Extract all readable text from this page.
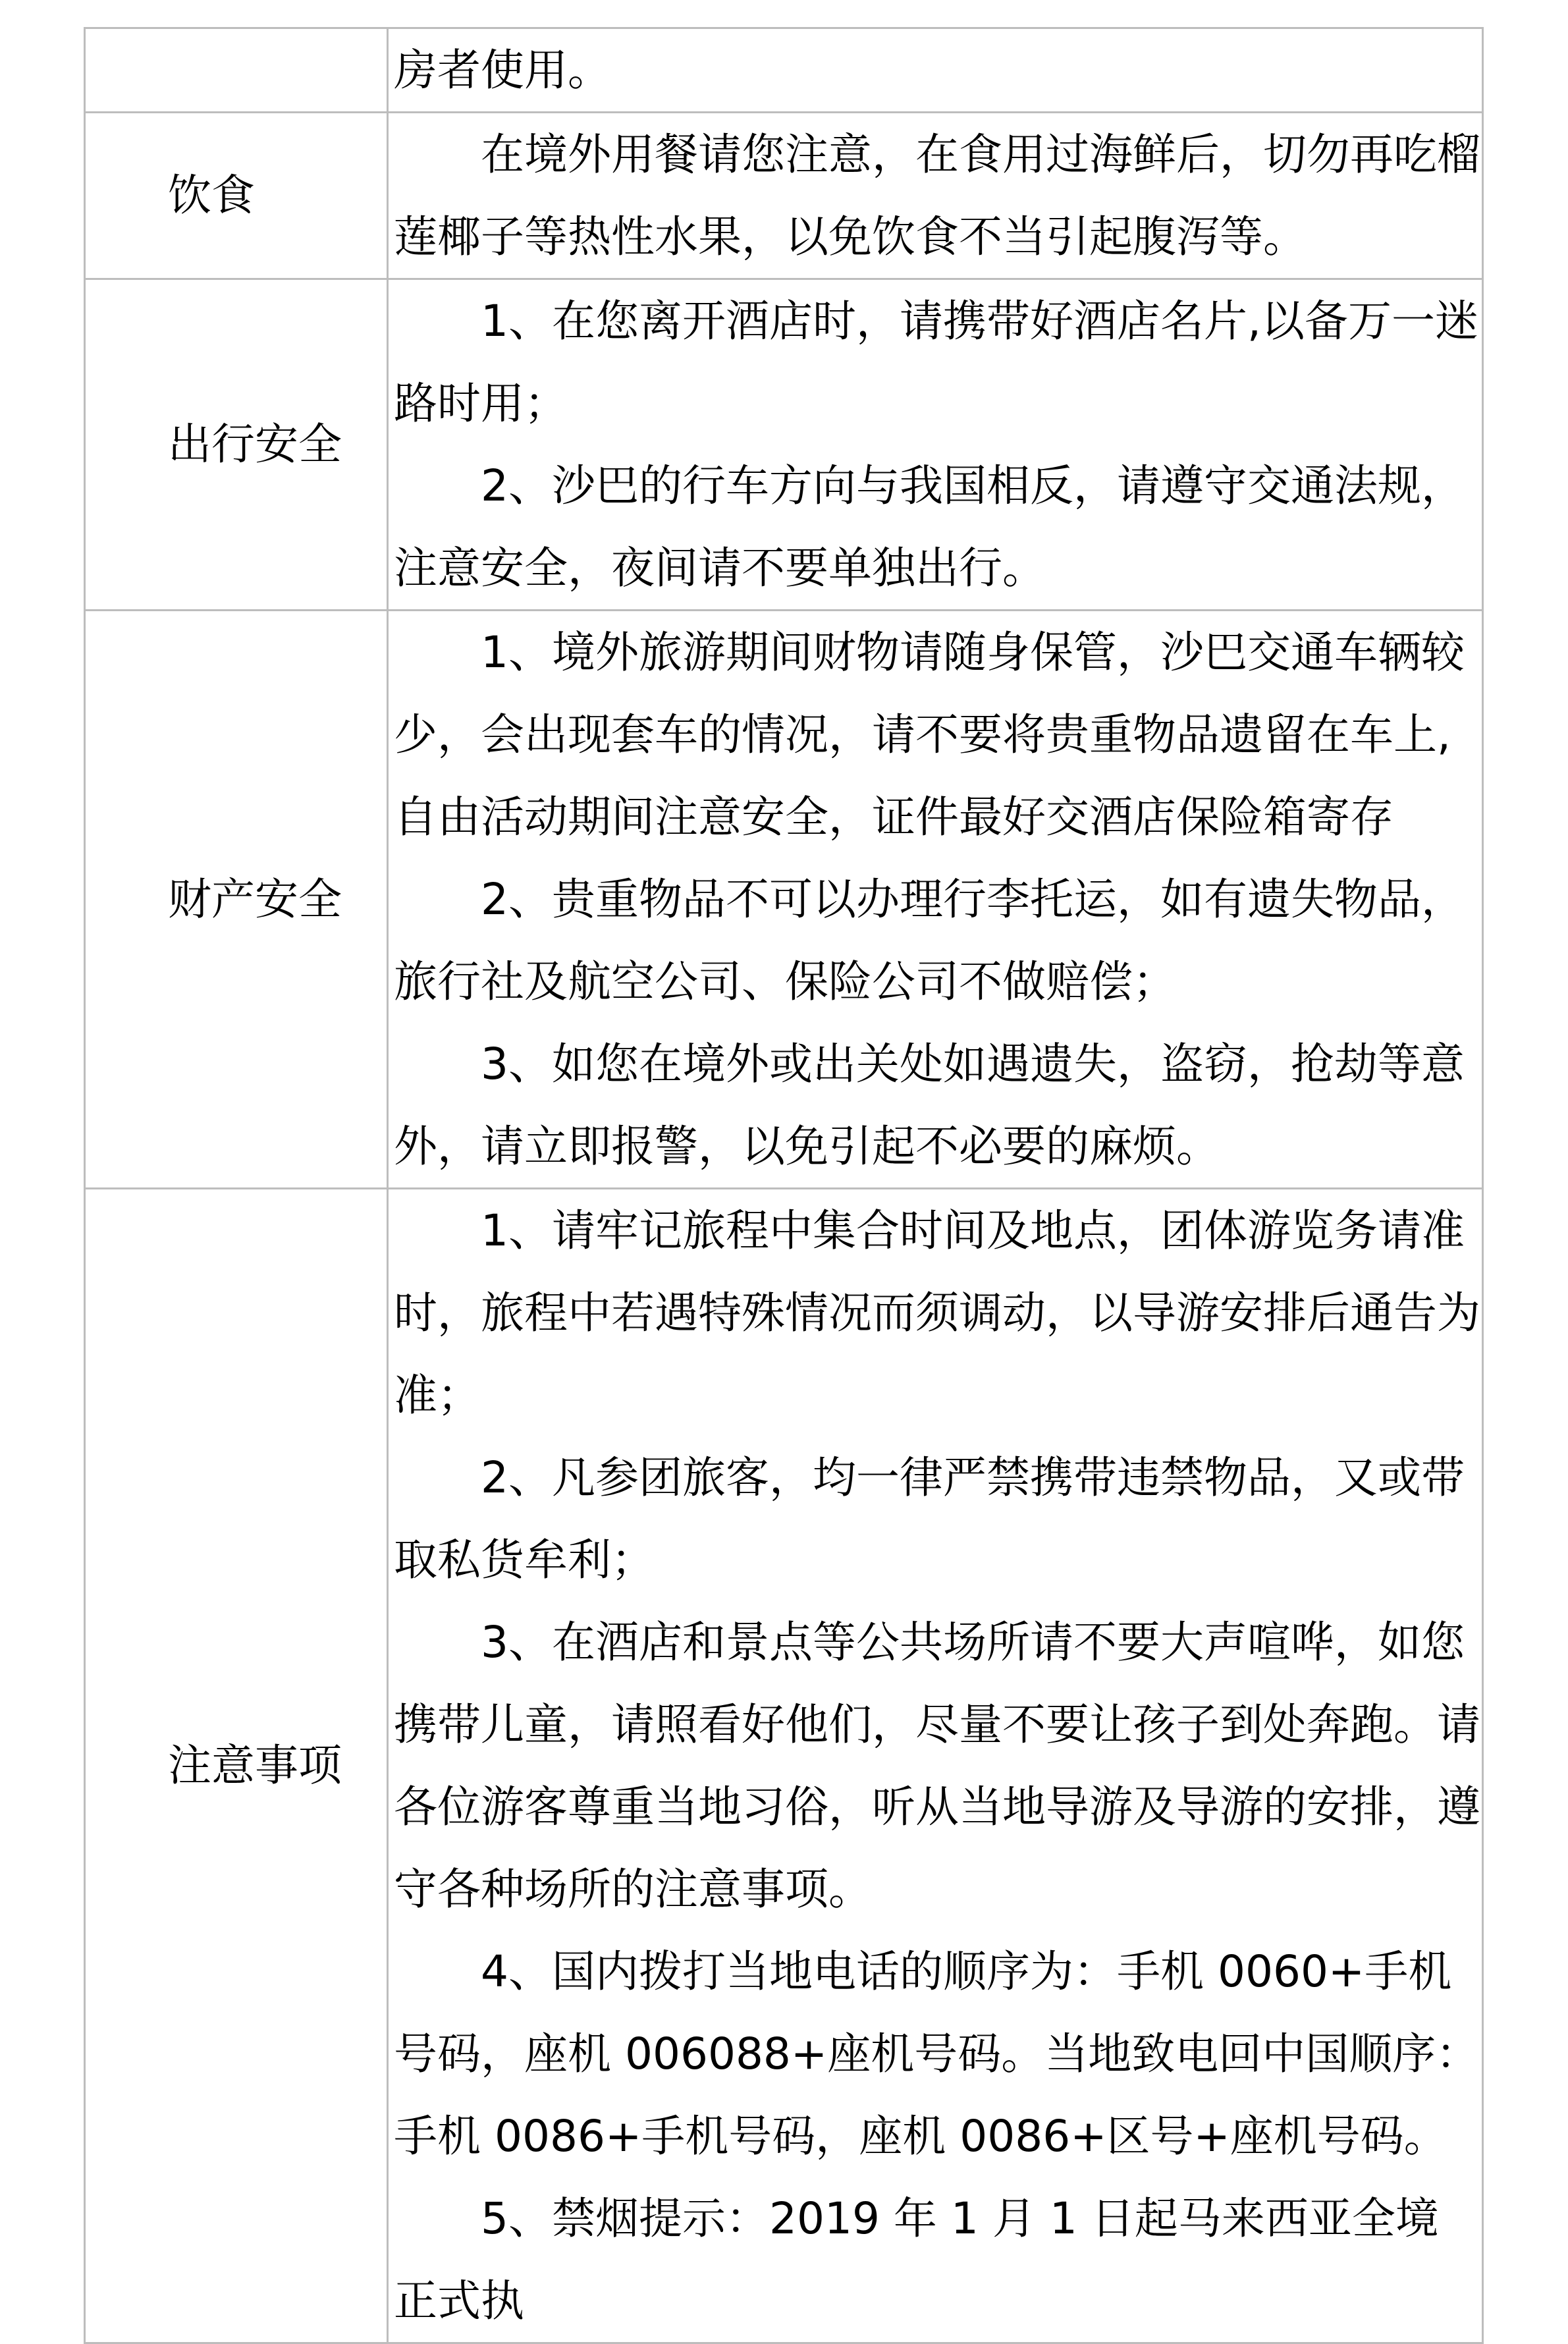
	房者使用。

饮食	在境外用餐请您注意，在食用过海鲜后，切勿再吃榴莲椰子等热性水果，以免饮食不当引起腹泻等。

出行安全	1、在您离开酒店时，请携带好酒店名片,以备万一迷路时用；

2、沙巴的行车方向与我国相反，请遵守交通法规，注意安全，夜间请不要单独出行。

财产安全	1、境外旅游期间财物请随身保管，沙巴交通车辆较少，会出现套车的情况，请不要将贵重物品遗留在车上,自由活动期间注意安全，证件最好交酒店保险箱寄存

2、贵重物品不可以办理行李托运，如有遗失物品，旅行社及航空公司、保险公司不做赔偿；

3、如您在境外或出关处如遇遗失，盗窃，抢劫等意外，请立即报警，以免引起不必要的麻烦。

注意事项	1、请牢记旅程中集合时间及地点，团体游览务请准时，旅程中若遇特殊情况而须调动，以导游安排后通告为准；

2、凡参团旅客，均一律严禁携带违禁物品，又或带取私货牟利；

3、在酒店和景点等公共场所请不要大声喧哗，如您携带儿童，请照看好他们，尽量不要让孩子到处奔跑。请各位游客尊重当地习俗，听从当地导游及导游的安排，遵守各种场所的注意事项。

4、国内拨打当地电话的顺序为：手机 0060+手机号码，座机 006088+座机号码。当地致电回中国顺序：手机 0086+手机号码，座机 0086+区号+座机号码。

5、禁烟提示：2019 年 1 月 1 日起马来西亚全境正式执
